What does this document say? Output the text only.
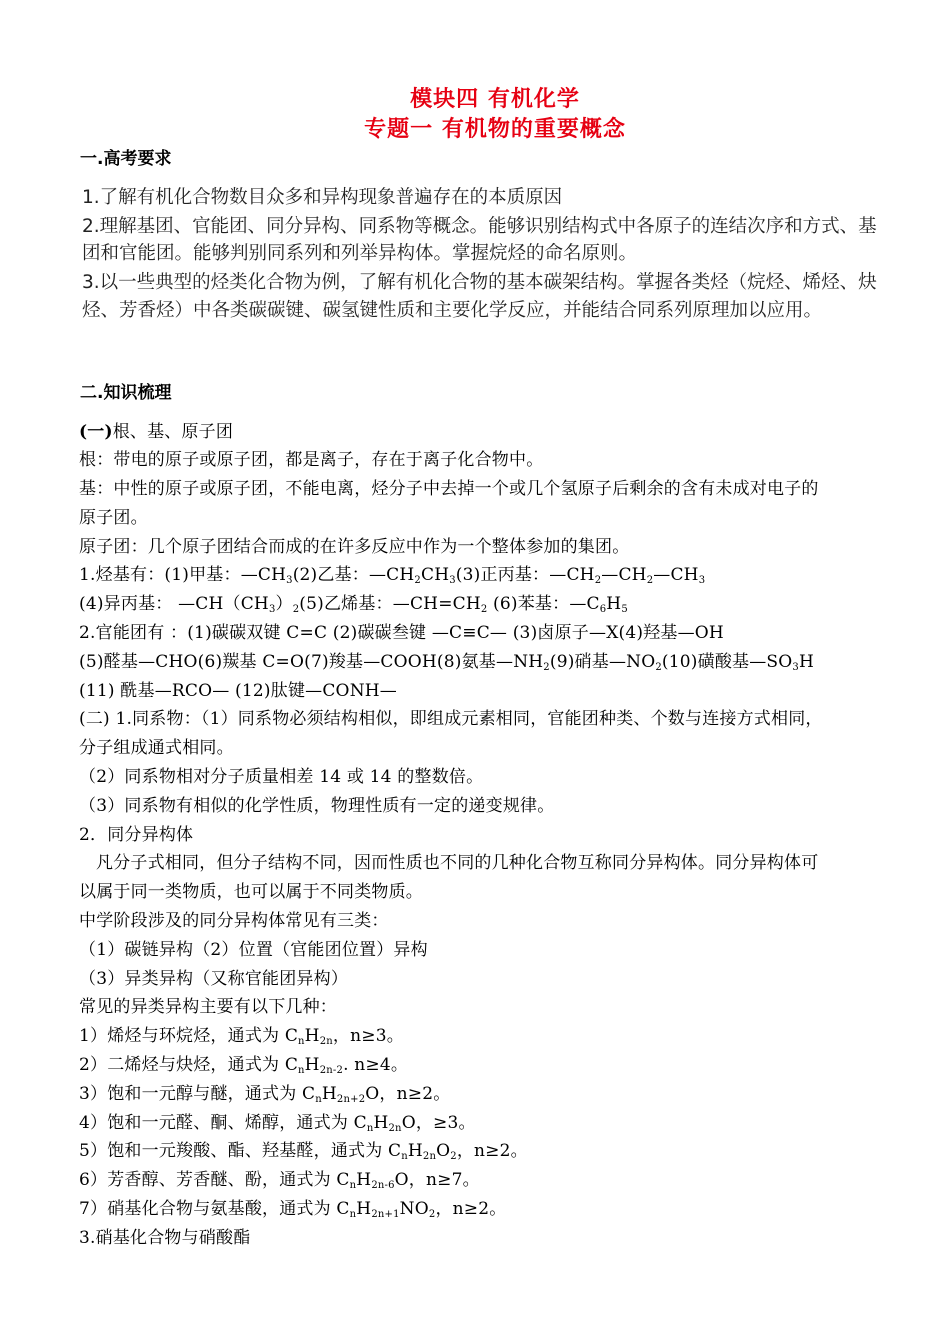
模块四 有机化学
专题一 有机物的重要概念
一.高考要求
1.了解有机化合物数目众多和异构现象普遍存在的本质原因
2.理解基团、官能团、同分异构、同系物等概念。能够识别结构式中各原子的连结次序和方式、基
团和官能团。能够判别同系列和列举异构体。掌握烷烃的命名原则。
3.以一些典型的烃类化合物为例，了解有机化合物的基本碳架结构。掌握各类烃（烷烃、烯烃、炔
烃、芳香烃）中各类碳碳键、碳氢键性质和主要化学反应，并能结合同系列原理加以应用。
二.知识梳理
(一)根、基、原子团
根：带电的原子或原子团，都是离子，存在于离子化合物中。
基：中性的原子或原子团，不能电离，烃分子中去掉一个或几个氢原子后剩余的含有未成对电子的
原子团。
原子团：几个原子团结合而成的在许多反应中作为一个整体参加的集团。
1.烃基有：(1)甲基：$—CH_3(2)$乙基：$—CH_2CH_3(3)$正丙基：$—CH_2—CH_2—CH_3$
(4)异丙基： $—CH(CH_3)_2(5)$乙烯基：$—CH=CH_2$ (6)苯基：$—C_6H_5$
2.官能团有 ：(1)碳碳双键 C=C (2)碳碳叁键 —C≡C— (3)卤原子—X(4)羟基—OH
(5)醛基—CHO(6)羰基 C=O(7)羧基—COOH(8)氨基$—NH_2(9)$硝基$—NO_2(10)$磺酸基$—SO_3H$
(11) 酰基—RCO— (12)肽键—CONH—
(二) 1.同系物：（1）同系物必须结构相似，即组成元素相同，官能团种类、个数与连接方式相同，
分子组成通式相同。
（2）同系物相对分子质量相差 14 或 14 的整数倍。
（3）同系物有相似的化学性质，物理性质有一定的递变规律。
2．同分异构体
凡分子式相同，但分子结构不同，因而性质也不同的几种化合物互称同分异构体。同分异构体可
以属于同一类物质，也可以属于不同类物质。
中学阶段涉及的同分异构体常见有三类：
（1）碳链异构（2）位置（官能团位置）异构
（3）异类异构（又称官能团异构）
常见的异类异构主要有以下几种：
1）烯烃与环烷烃，通式为 $C_nH_{2n}$，n≥3。
2）二烯烃与炔烃，通式为 $C_nH_{2n-2}$. n≥4。
3）饱和一元醇与醚，通式为 $C_nH_{2n+2}O$，n≥2。
4）饱和一元醛、酮、烯醇，通式为 $C_nH_{2n}O$，≥3。
5）饱和一元羧酸、酯、羟基醛，通式为 $C_nH_{2n}O_2$，n≥2。
6）芳香醇、芳香醚、酚，通式为 $C_nH_{2n-6}O$，n≥7。
7）硝基化合物与氨基酸，通式为 $C_nH_{2n+1}NO_2$，n≥2。
3.硝基化合物与硝酸酯
